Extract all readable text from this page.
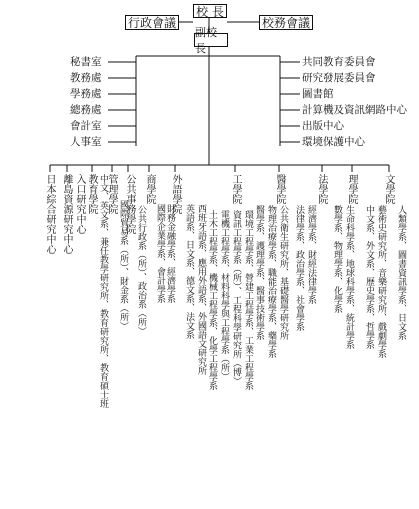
校 長
行政會議	校務會議
副校長
秘書室
教務處
學務處
總務處
會計室
人事室
共同教育委員會
研究發展委員會
圖書館
計算機及資訊網路中心
出版中心
環境保護中心
日本綜合研究中心 離島資源研究中心 入口研究中心 教育學院 中文、英文系、兼任教學研究所、教育研究所、教育碩士班
管理學院
國際貿易系（所）、財金系（所）
公共事務學院
公共行政系（所）、政治系（所）
商學院
國際企業學系、會計學系 財務金融學系、經濟學系
外語學院
英語系、日文系、德文系、法文系 西班牙語系、應用外語系、外國語文研究所
工學院
土木工程學系、機械工程學系、化學工程學系 電機工程學系、材料科學與工程學系（所） 資訊工程學系（所）、工程科學研究所（博） 環境工程學系、營建工程學系、工業工程學系
醫學院
醫學系、護理學系、醫事技術學系 物理治療學系、職能治療學系、藥學系 公共衛生研究所、基礎醫學研究所
法學院
法律學系、政治學系、社會學系 經濟學系、財經法律學系
理學院
數學系、物理學系、化學系 生命科學系、地球科學系、統計學系
文學院
中文系、外文系、歷史學系、哲學系 藝術史研究所、音樂研究所、戲劇學系 人類學系、圖書資訊學系、日文系
